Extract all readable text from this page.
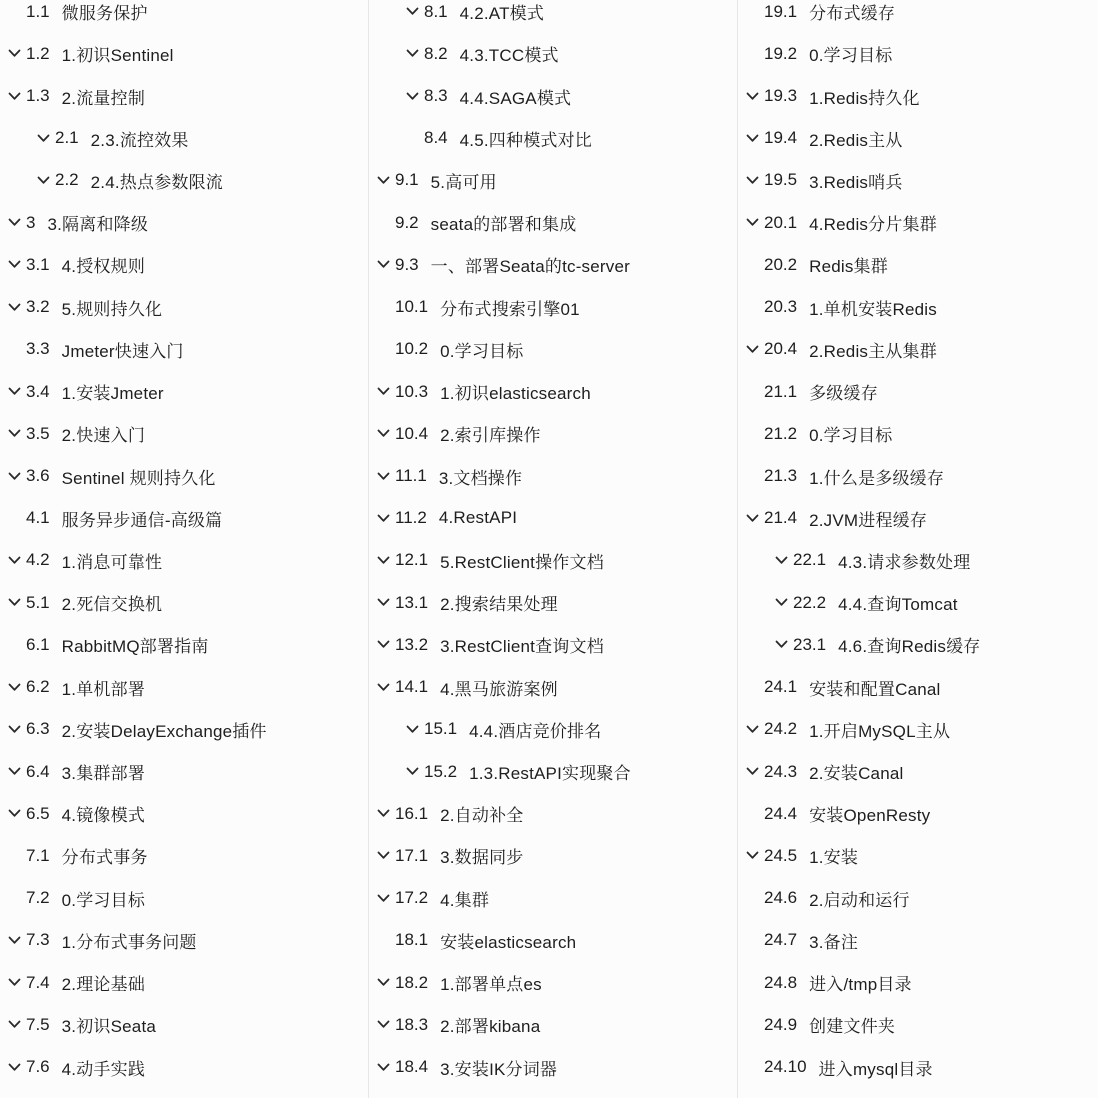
1.1 微服务保护
1.2 1.初识Sentinel
1.3 2.流量控制
2.1 2.3.流控效果
2.2 2.4.热点参数限流
3 3.隔离和降级
3.1 4.授权规则
3.2 5.规则持久化
3.3 Jmeter快速入门
3.4 1.安装Jmeter
3.5 2.快速入门
3.6 Sentinel 规则持久化
4.1 服务异步通信-高级篇
4.2 1.消息可靠性
5.1 2.死信交换机
6.1 RabbitMQ部署指南
6.2 1.单机部署
6.3 2.安装DelayExchange插件
6.4 3.集群部署
6.5 4.镜像模式
7.1 分布式事务
7.2 0.学习目标
7.3 1.分布式事务问题
7.4 2.理论基础
7.5 3.初识Seata
7.6 4.动手实践
8.1 4.2.AT模式
8.2 4.3.TCC模式
8.3 4.4.SAGA模式
8.4 4.5.四种模式对比
9.1 5.高可用
9.2 seata的部署和集成
9.3 一、部署Seata的tc-server
10.1 分布式搜索引擎01
10.2 0.学习目标
10.3 1.初识elasticsearch
10.4 2.索引库操作
11.1 3.文档操作
11.2 4.RestAPI
12.1 5.RestClient操作文档
13.1 2.搜索结果处理
13.2 3.RestClient查询文档
14.1 4.黑马旅游案例
15.1 4.4.酒店竞价排名
15.2 1.3.RestAPI实现聚合
16.1 2.自动补全
17.1 3.数据同步
17.2 4.集群
18.1 安装elasticsearch
18.2 1.部署单点es
18.3 2.部署kibana
18.4 3.安装IK分词器
19.1 分布式缓存
19.2 0.学习目标
19.3 1.Redis持久化
19.4 2.Redis主从
19.5 3.Redis哨兵
20.1 4.Redis分片集群
20.2 Redis集群
20.3 1.单机安装Redis
20.4 2.Redis主从集群
21.1 多级缓存
21.2 0.学习目标
21.3 1.什么是多级缓存
21.4 2.JVM进程缓存
22.1 4.3.请求参数处理
22.2 4.4.查询Tomcat
23.1 4.6.查询Redis缓存
24.1 安装和配置Canal
24.2 1.开启MySQL主从
24.3 2.安装Canal
24.4 安装OpenResty
24.5 1.安装
24.6 2.启动和运行
24.7 3.备注
24.8 进入/tmp目录
24.9 创建文件夹
24.10 进入mysql目录
